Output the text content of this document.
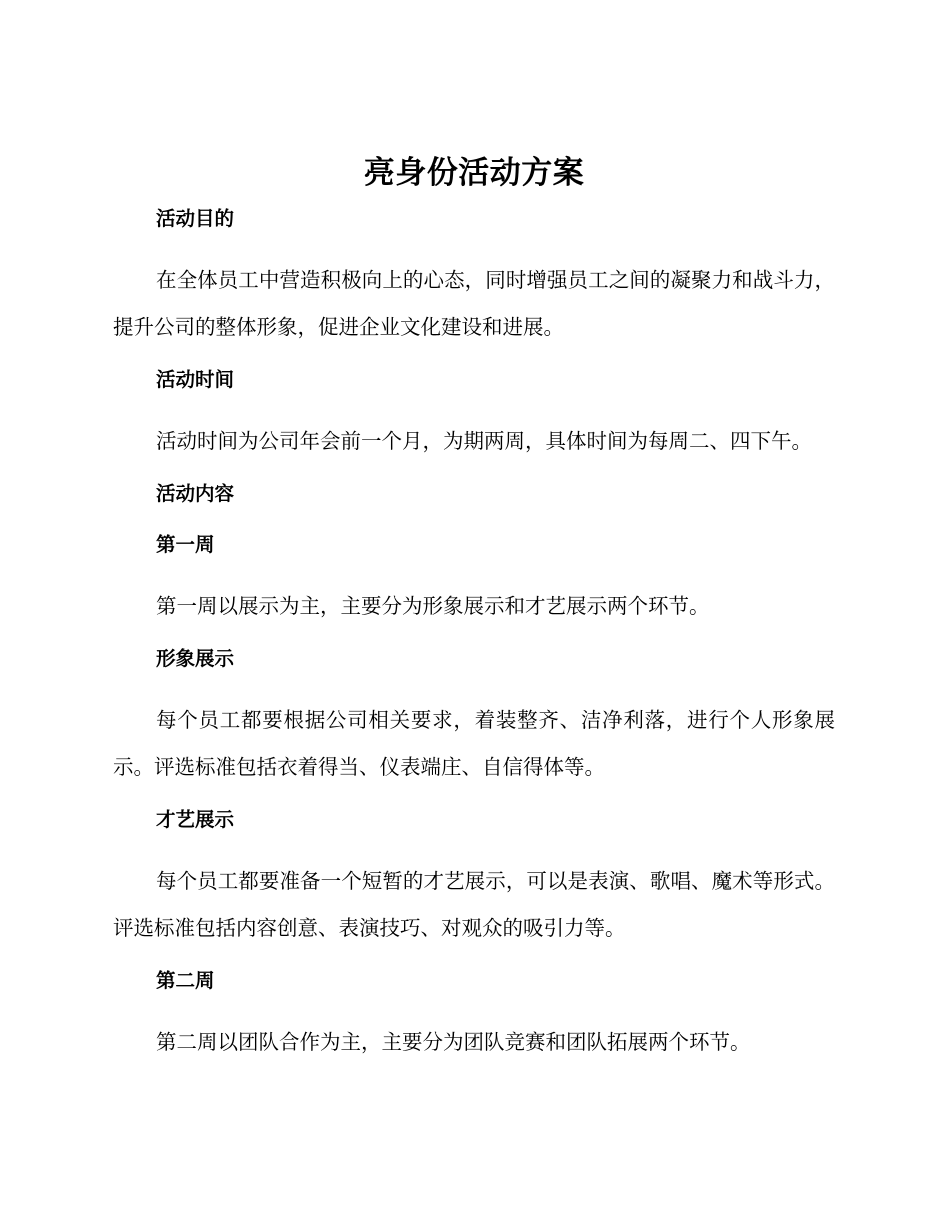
亮身份活动方案
活动目的

在全体员工中营造积极向上的心态，同时增强员工之间的凝聚力和战斗力，提升公司的整体形象，促进企业文化建设和进展。

活动时间

活动时间为公司年会前一个月，为期两周，具体时间为每周二、四下午。

活动内容
第一周

第一周以展示为主，主要分为形象展示和才艺展示两个环节。

形象展示

每个员工都要根据公司相关要求，着装整齐、洁净利落，进行个人形象展示。评选标准包括衣着得当、仪表端庄、自信得体等。

才艺展示

每个员工都要准备一个短暂的才艺展示，可以是表演、歌唱、魔术等形式。评选标准包括内容创意、表演技巧、对观众的吸引力等。

第二周

第二周以团队合作为主，主要分为团队竞赛和团队拓展两个环节。
